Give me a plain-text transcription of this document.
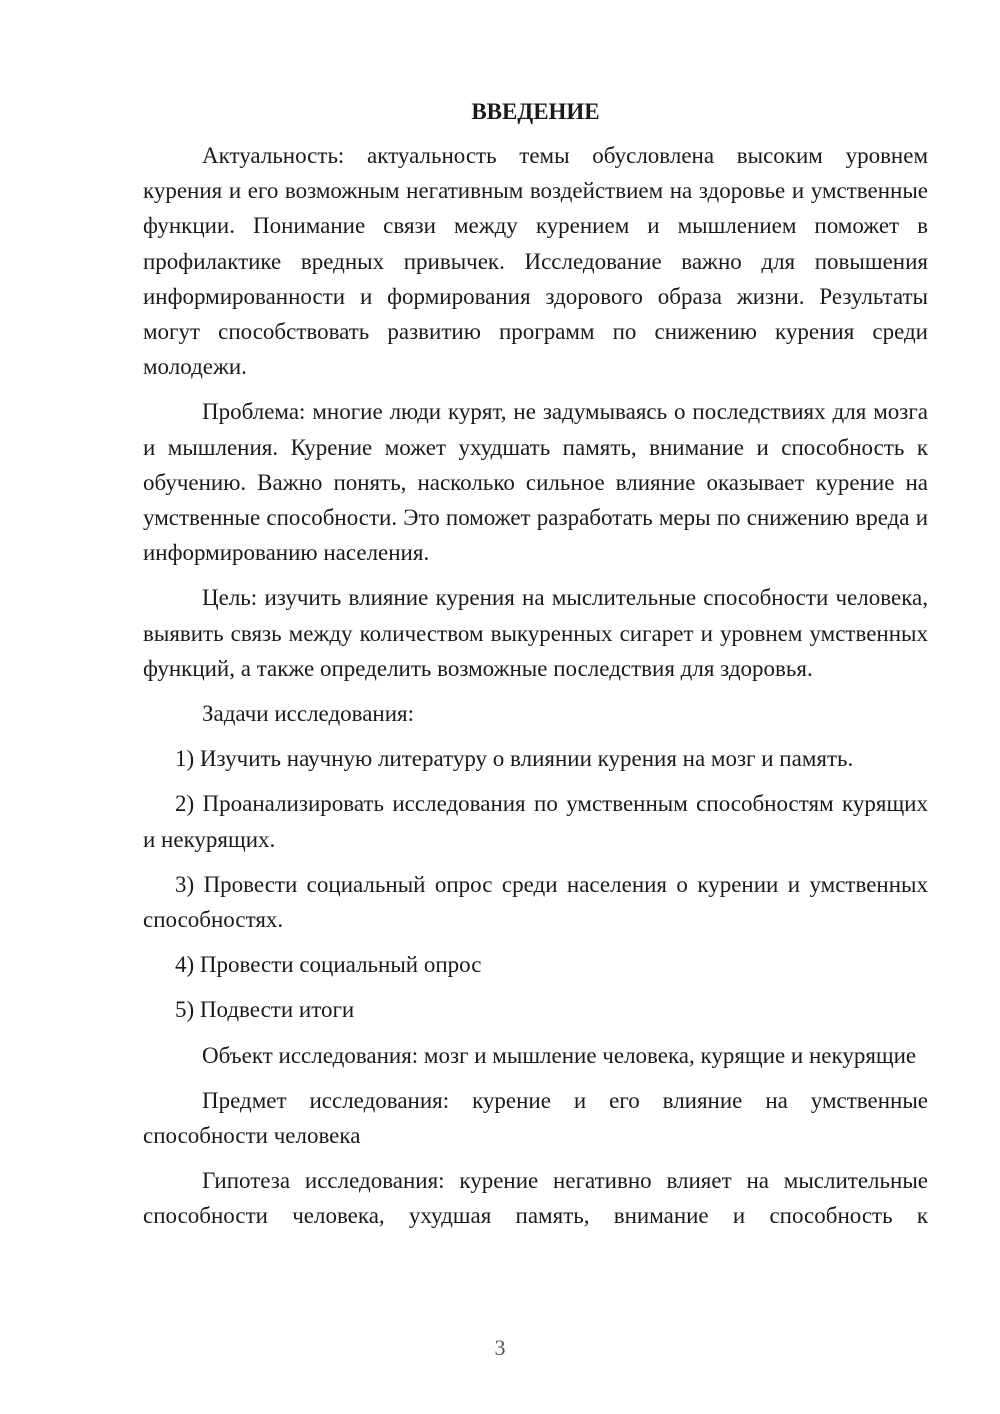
ВВЕДЕНИЕ

Актуальность: актуальность темы обусловлена высоким уровнем курения и его возможным негативным воздействием на здоровье и умственные функции. Понимание связи между курением и мышлением поможет в профилактике вредных привычек. Исследование важно для повышения информированности и формирования здорового образа жизни. Результаты могут способствовать развитию программ по снижению курения среди молодежи.

Проблема: многие люди курят, не задумываясь о последствиях для мозга и мышления. Курение может ухудшать память, внимание и способность к обучению. Важно понять, насколько сильное влияние оказывает курение на умственные способности. Это поможет разработать меры по снижению вреда и информированию населения.

Цель: изучить влияние курения на мыслительные способности человека, выявить связь между количеством выкуренных сигарет и уровнем умственных функций, а также определить возможные последствия для здоровья.

Задачи исследования:

1) Изучить научную литературу о влиянии курения на мозг и память.

2) Проанализировать исследования по умственным способностям курящих и некурящих.

3) Провести социальный опрос среди населения о курении и умственных способностях.

4) Провести социальный опрос

5) Подвести итоги

Объект исследования: мозг и мышление человека, курящие и некурящие

Предмет исследования: курение и его влияние на умственные способности человека

Гипотеза исследования: курение негативно влияет на мыслительные способности человека, ухудшая память, внимание и способность к

3
